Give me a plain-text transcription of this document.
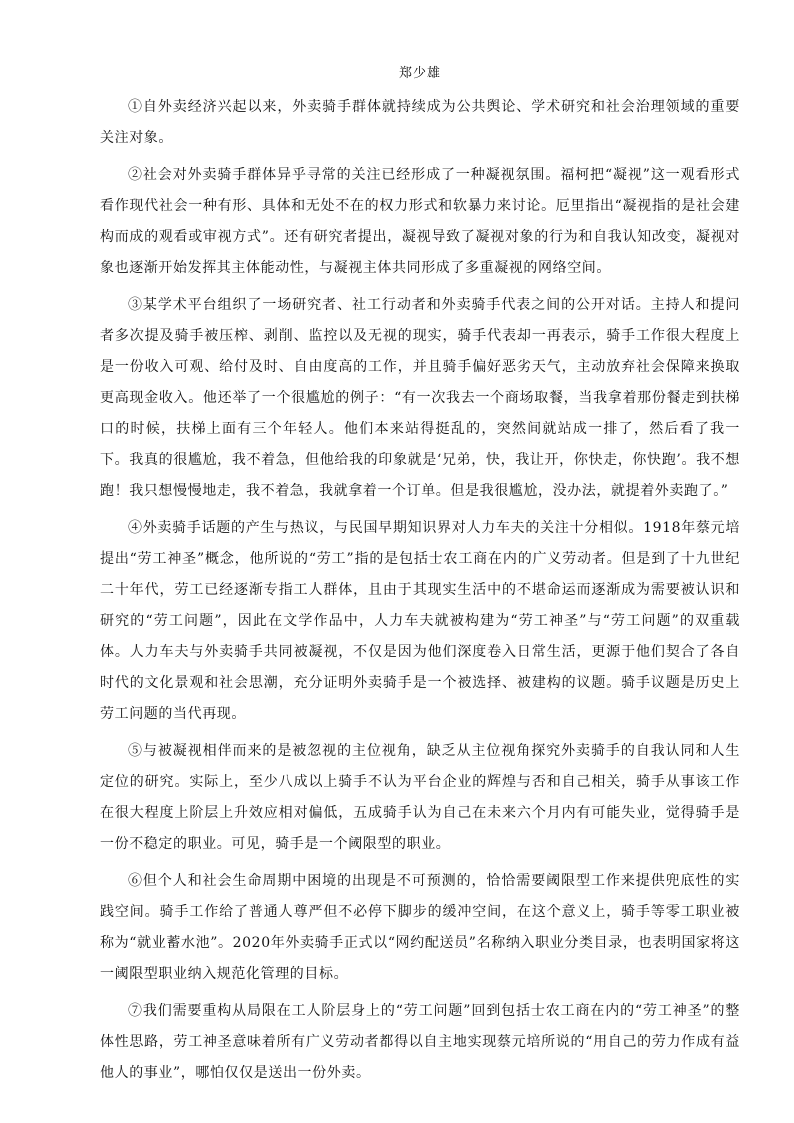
郑少雄

①自外卖经济兴起以来，外卖骑手群体就持续成为公共舆论、学术研究和社会治理领域的重要关注对象。

②社会对外卖骑手群体异乎寻常的关注已经形成了一种凝视氛围。福柯把“凝视”这一观看形式看作现代社会一种有形、具体和无处不在的权力形式和软暴力来讨论。厄里指出“凝视指的是社会建构而成的观看或审视方式”。还有研究者提出，凝视导致了凝视对象的行为和自我认知改变，凝视对象也逐渐开始发挥其主体能动性，与凝视主体共同形成了多重凝视的网络空间。

③某学术平台组织了一场研究者、社工行动者和外卖骑手代表之间的公开对话。主持人和提问者多次提及骑手被压榨、剥削、监控以及无视的现实，骑手代表却一再表示，骑手工作很大程度上是一份收入可观、给付及时、自由度高的工作，并且骑手偏好恶劣天气，主动放弃社会保障来换取更高现金收入。他还举了一个很尴尬的例子：“有一次我去一个商场取餐，当我拿着那份餐走到扶梯口的时候，扶梯上面有三个年轻人。他们本来站得挺乱的，突然间就站成一排了，然后看了我一下。我真的很尴尬，我不着急，但他给我的印象就是‘兄弟，快，我让开，你快走，你快跑’。我不想跑！我只想慢慢地走，我不着急，我就拿着一个订单。但是我很尴尬，没办法，就提着外卖跑了。”

④外卖骑手话题的产生与热议，与民国早期知识界对人力车夫的关注十分相似。1918年蔡元培提出“劳工神圣”概念，他所说的“劳工”指的是包括士农工商在内的广义劳动者。但是到了十九世纪二十年代，劳工已经逐渐专指工人群体，且由于其现实生活中的不堪命运而逐渐成为需要被认识和研究的“劳工问题”，因此在文学作品中，人力车夫就被构建为“劳工神圣”与“劳工问题”的双重载体。人力车夫与外卖骑手共同被凝视，不仅是因为他们深度卷入日常生活，更源于他们契合了各自时代的文化景观和社会思潮，充分证明外卖骑手是一个被选择、被建构的议题。骑手议题是历史上劳工问题的当代再现。

⑤与被凝视相伴而来的是被忽视的主位视角，缺乏从主位视角探究外卖骑手的自我认同和人生定位的研究。实际上，至少八成以上骑手不认为平台企业的辉煌与否和自己相关，骑手从事该工作在很大程度上阶层上升效应相对偏低，五成骑手认为自己在未来六个月内有可能失业，觉得骑手是一份不稳定的职业。可见，骑手是一个阈限型的职业。

⑥但个人和社会生命周期中困境的出现是不可预测的，恰恰需要阈限型工作来提供兜底性的实践空间。骑手工作给了普通人尊严但不必停下脚步的缓冲空间，在这个意义上，骑手等零工职业被称为“就业蓄水池”。2020年外卖骑手正式以“网约配送员”名称纳入职业分类目录，也表明国家将这一阈限型职业纳入规范化管理的目标。

⑦我们需要重构从局限在工人阶层身上的“劳工问题”回到包括士农工商在内的“劳工神圣”的整体性思路，劳工神圣意味着所有广义劳动者都得以自主地实现蔡元培所说的“用自己的劳力作成有益他人的事业”，哪怕仅仅是送出一份外卖。
